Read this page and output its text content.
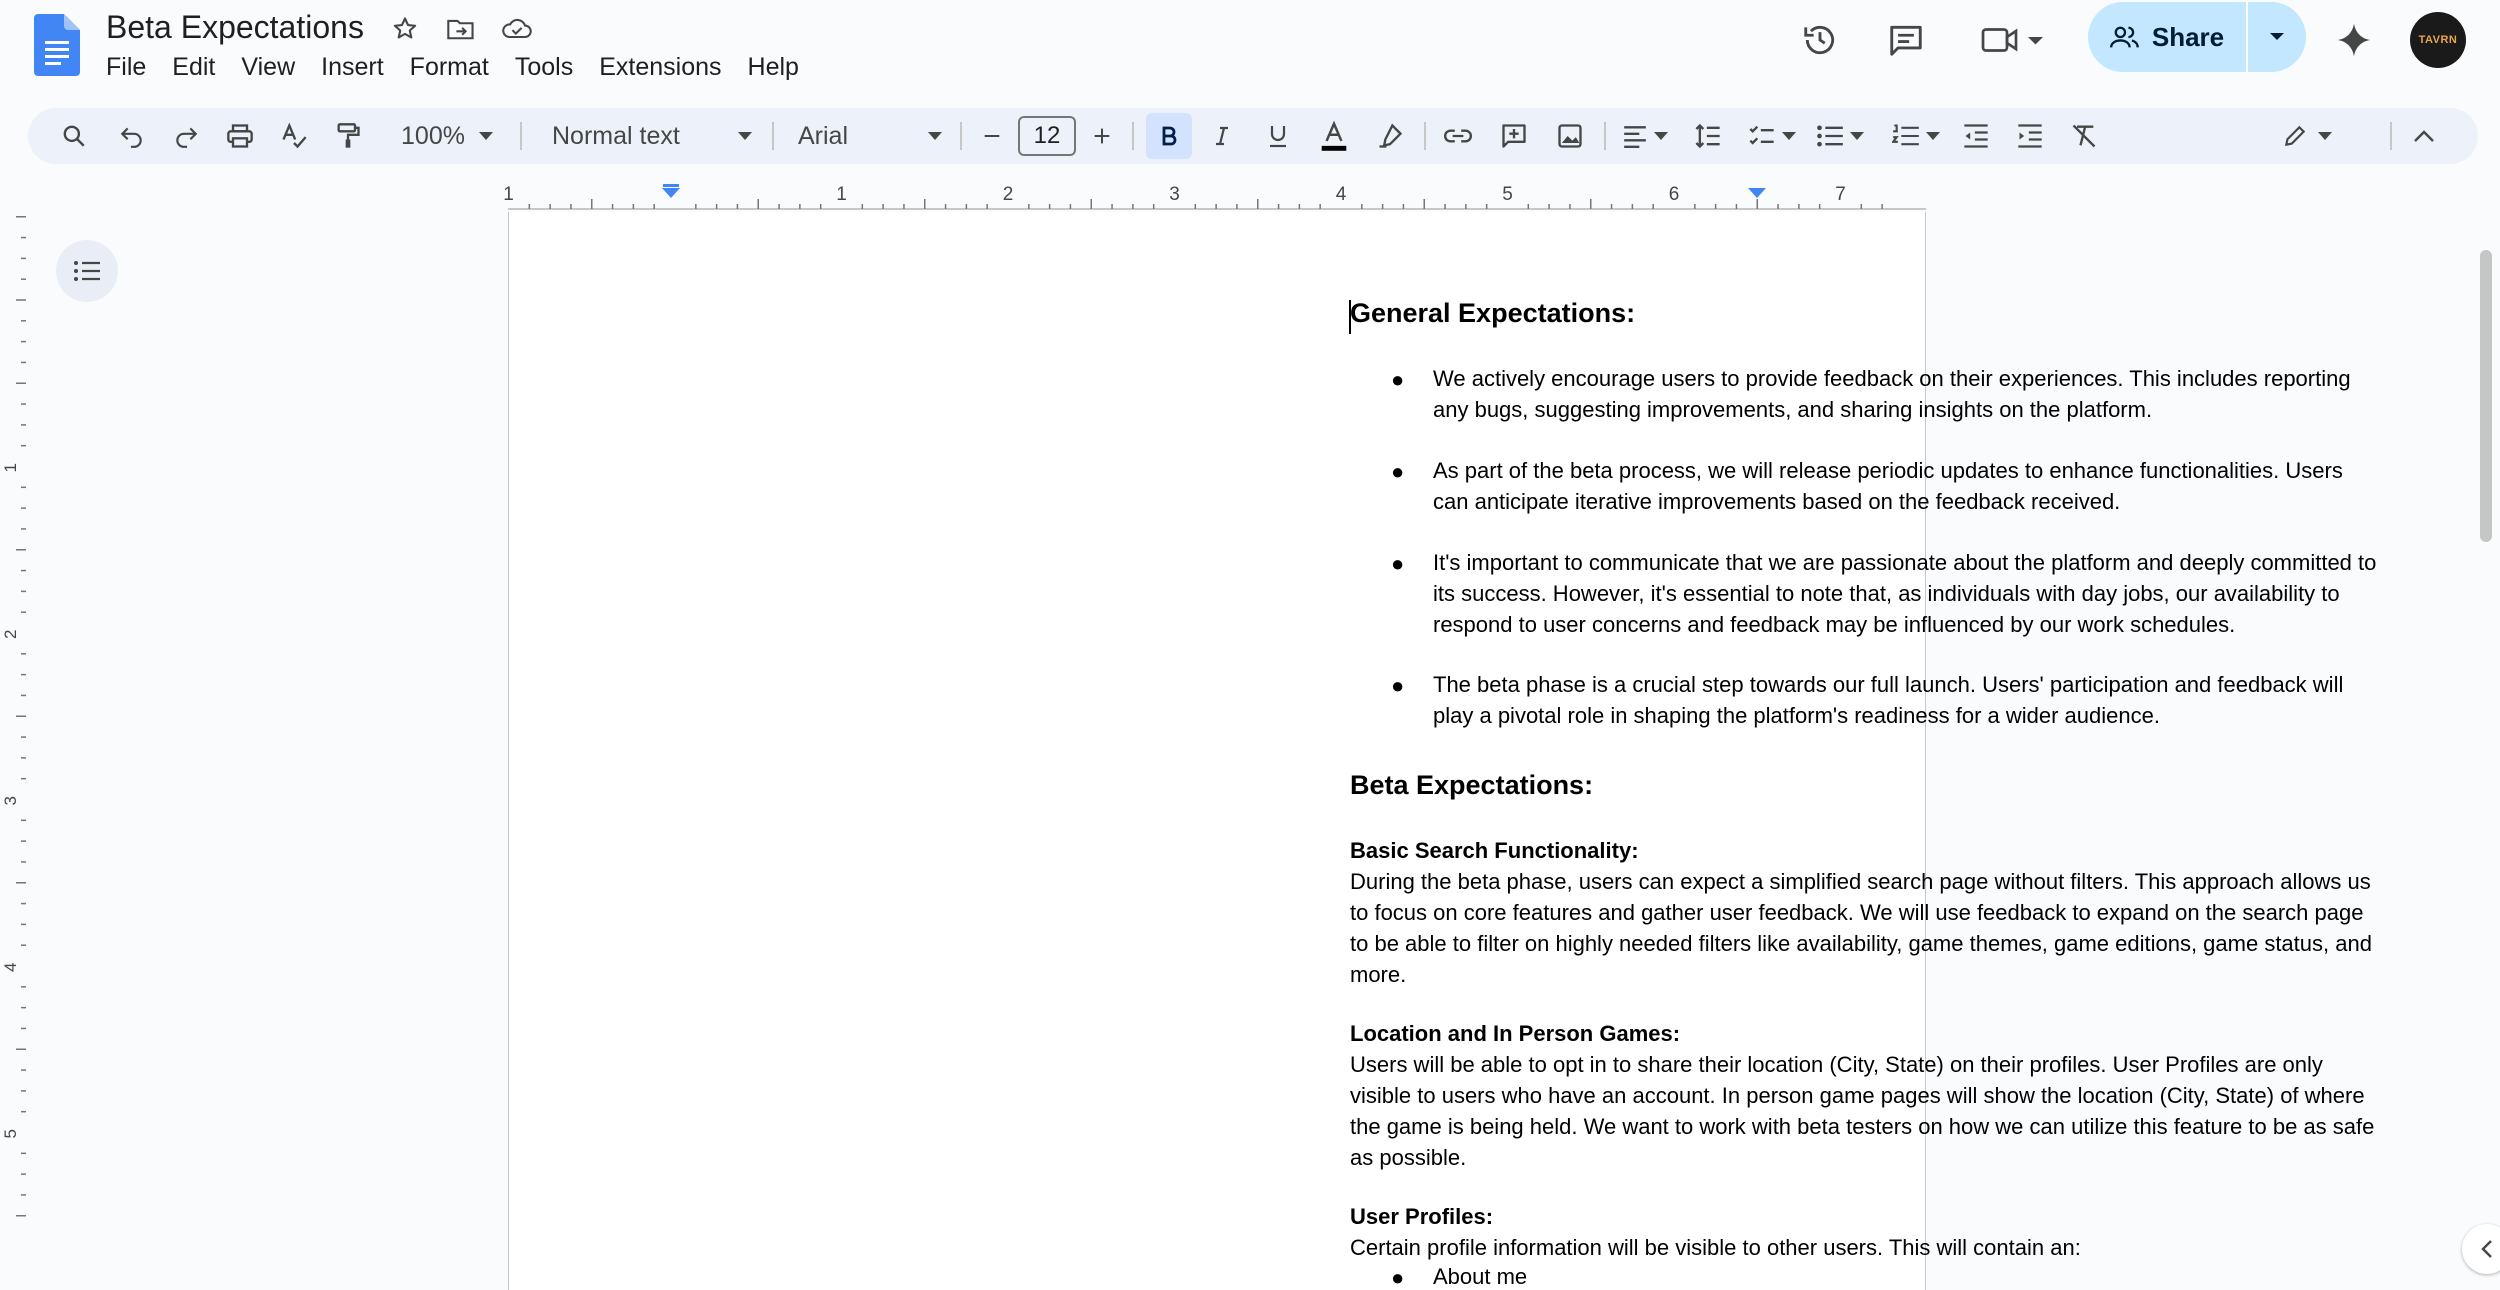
Beta Expectations
File	Edit	View	Insert	Format	Tools	Extensions	Help
Share	TAVRN
100%	Normal text	Arial	12
1	1	2	3	4	5	6	7
1
2
3
4
5
General Expectations:
● We actively encourage users to provide feedback on their experiences. This includes reporting
any bugs, suggesting improvements, and sharing insights on the platform.
● As part of the beta process, we will release periodic updates to enhance functionalities. Users
can anticipate iterative improvements based on the feedback received.
● It's important to communicate that we are passionate about the platform and deeply committed to
its success. However, it's essential to note that, as individuals with day jobs, our availability to
respond to user concerns and feedback may be influenced by our work schedules.
● The beta phase is a crucial step towards our full launch. Users' participation and feedback will
play a pivotal role in shaping the platform's readiness for a wider audience.
Beta Expectations:
Basic Search Functionality:
During the beta phase, users can expect a simplified search page without filters. This approach allows us
to focus on core features and gather user feedback. We will use feedback to expand on the search page
to be able to filter on highly needed filters like availability, game themes, game editions, game status, and
more.
Location and In Person Games:
Users will be able to opt in to share their location (City, State) on their profiles. User Profiles are only
visible to users who have an account. In person game pages will show the location (City, State) of where
the game is being held. We want to work with beta testers on how we can utilize this feature to be as safe
as possible.
User Profiles:
Certain profile information will be visible to other users. This will contain an:
● About me
